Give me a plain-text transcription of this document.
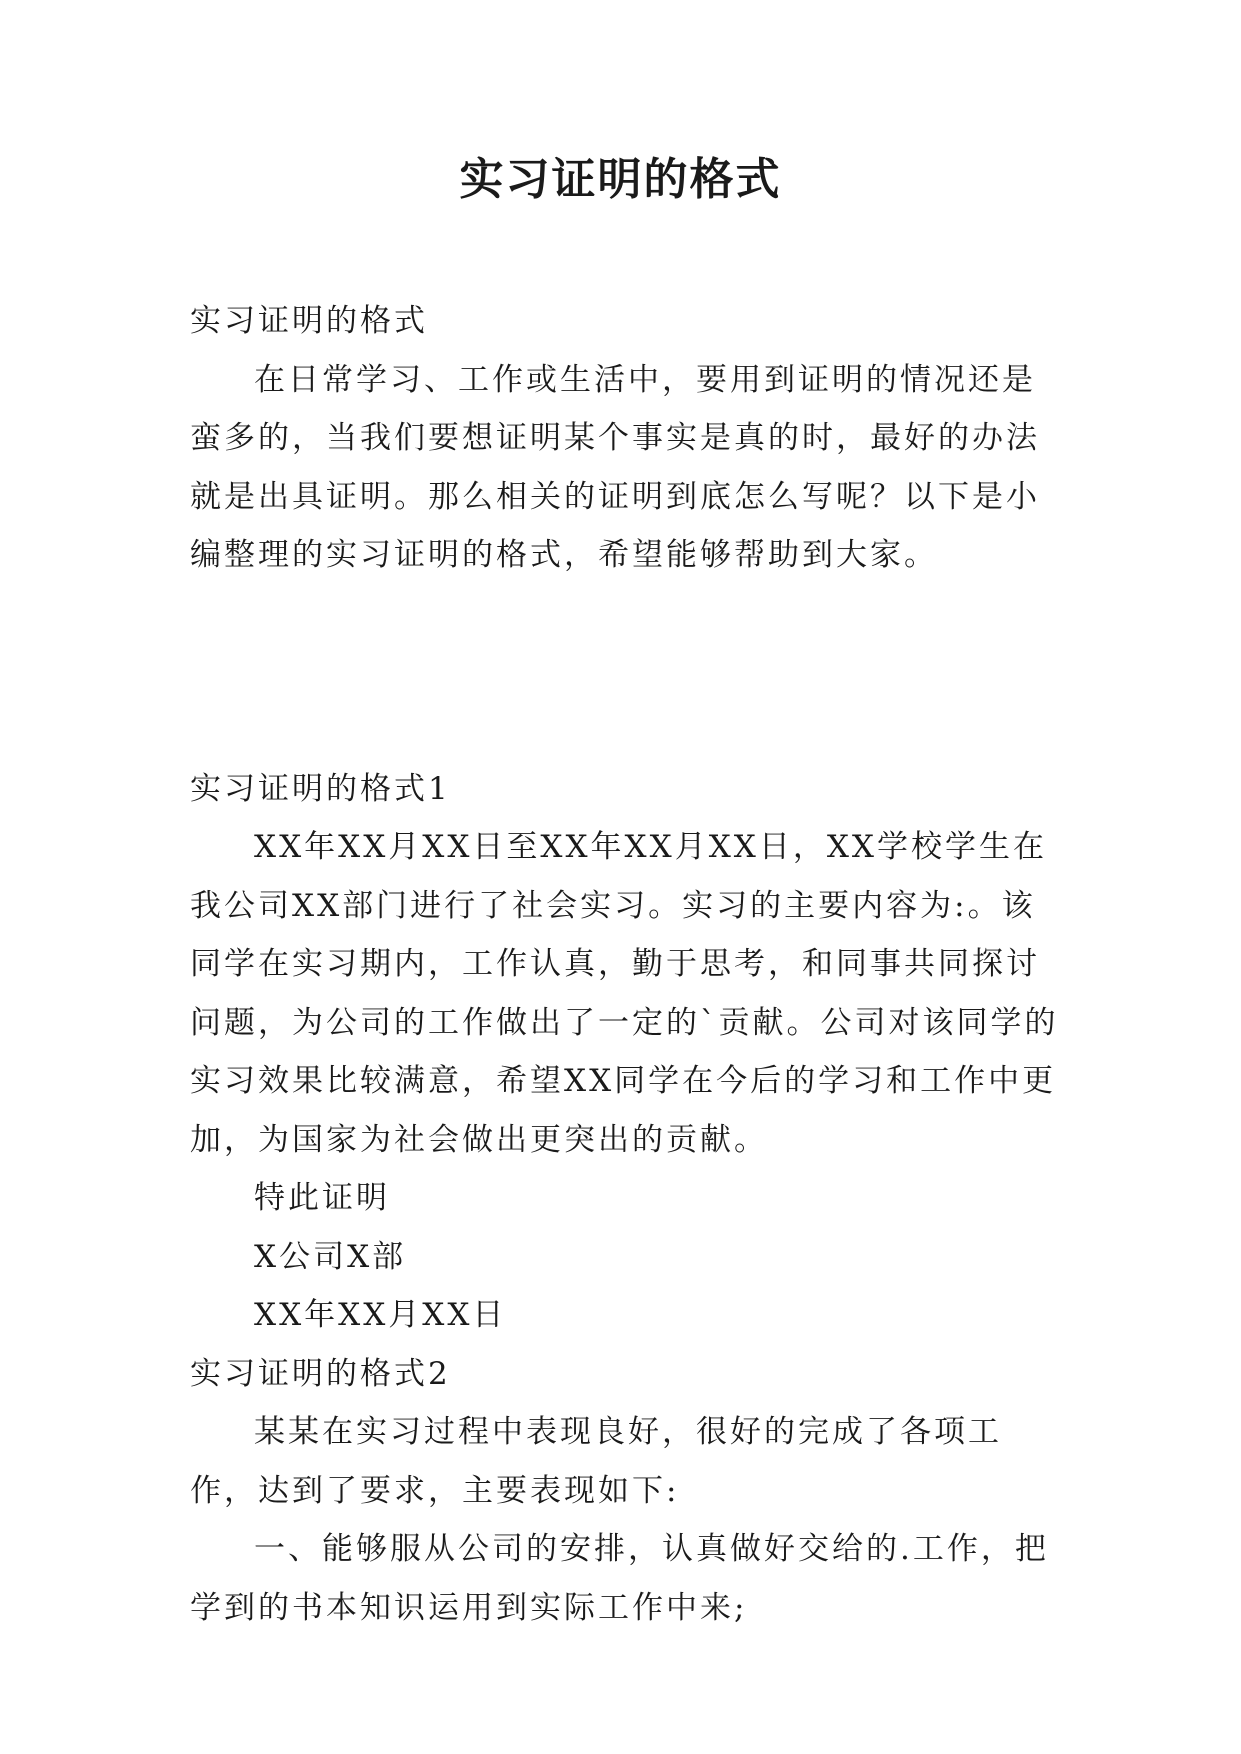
实习证明的格式

实习证明的格式

在日常学习、工作或生活中，要用到证明的情况还是蛮多的，当我们要想证明某个事实是真的时，最好的办法就是出具证明。那么相关的证明到底怎么写呢？以下是小编整理的实习证明的格式，希望能够帮助到大家。

实习证明的格式1

XX年XX月XX日至XX年XX月XX日，XX学校学生在我公司XX部门进行了社会实习。实习的主要内容为:。该同学在实习期内，工作认真，勤于思考，和同事共同探讨问题，为公司的工作做出了一定的`贡献。公司对该同学的实习效果比较满意，希望XX同学在今后的学习和工作中更加，为国家为社会做出更突出的贡献。

特此证明

X公司X部

XX年XX月XX日

实习证明的格式2

某某在实习过程中表现良好，很好的完成了各项工作，达到了要求，主要表现如下:

一、能够服从公司的安排，认真做好交给的.工作，把学到的书本知识运用到实际工作中来;
